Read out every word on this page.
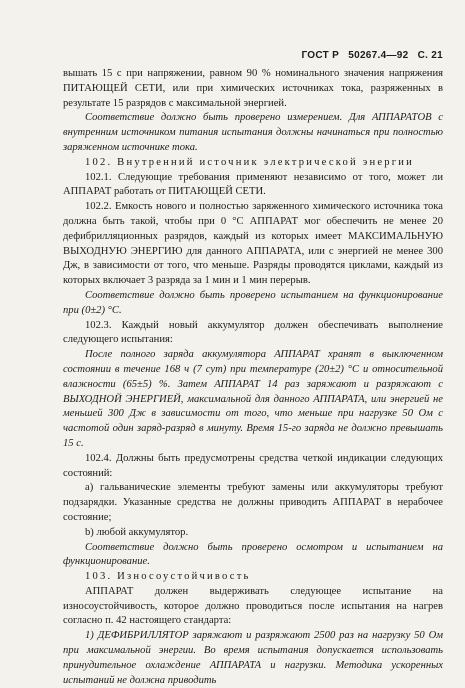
ГОСТ Р 50267.4—92 С. 21

вышать 15 с при напряжении, равном 90 % номинального значения напряжения ПИТАЮЩЕЙ СЕТИ, или при химических источниках тока, разряженных в результате 15 разрядов с максимальной энергией.

Соответствие должно быть проверено измерением. Для АППАРАТОВ с внутренним источником питания испытания должны начинаться при полностью заряженном источнике тока.

102. Внутренний источник электрической энергии

102.1. Следующие требования применяют независимо от того, может ли АППАРАТ работать от ПИТАЮЩЕЙ СЕТИ.

102.2. Емкость нового и полностью заряженного химического источника тока должна быть такой, чтобы при 0 °С АППАРАТ мог обеспечить не менее 20 дефибрилляционных разрядов, каждый из которых имеет МАКСИМАЛЬНУЮ ВЫХОДНУЮ ЭНЕРГИЮ для данного АППАРАТА, или с энергией не менее 300 Дж, в зависимости от того, что меньше. Разряды проводятся циклами, каждый из которых включает 3 разряда за 1 мин и 1 мин перерыв.

Соответствие должно быть проверено испытанием на функционирование при (0±2) °С.

102.3. Каждый новый аккумулятор должен обеспечивать выполнение следующего испытания:

После полного заряда аккумулятора АППАРАТ хранят в выключенном состоянии в течение 168 ч (7 сут) при температуре (20±2) °С и относительной влажности (65±5) %. Затем АППАРАТ 14 раз заряжают и разряжают с ВЫХОДНОЙ ЭНЕРГИЕЙ, максимальной для данного АППАРАТА, или энергией не меньшей 300 Дж в зависимости от того, что меньше при нагрузке 50 Ом с частотой один заряд-разряд в минуту. Время 15-го заряда не должно превышать 15 с.

102.4. Должны быть предусмотрены средства четкой индикации следующих состояний:

а) гальванические элементы требуют замены или аккумуляторы требуют подзарядки. Указанные средства не должны приводить АППАРАТ в нерабочее состояние;

b) любой аккумулятор.

Соответствие должно быть проверено осмотром и испытанием на функционирование.

103. Износоустойчивость

АППАРАТ должен выдерживать следующее испытание на износоустойчивость, которое должно проводиться после испытания на нагрев согласно п. 42 настоящего стандарта:

1) ДЕФИБРИЛЛЯТОР заряжают и разряжают 2500 раз на нагрузку 50 Ом при максимальной энергии. Во время испытания допускается использовать принудительное охлаждение АППАРАТА и нагрузки. Методика ускоренных испытаний не должна приводить
